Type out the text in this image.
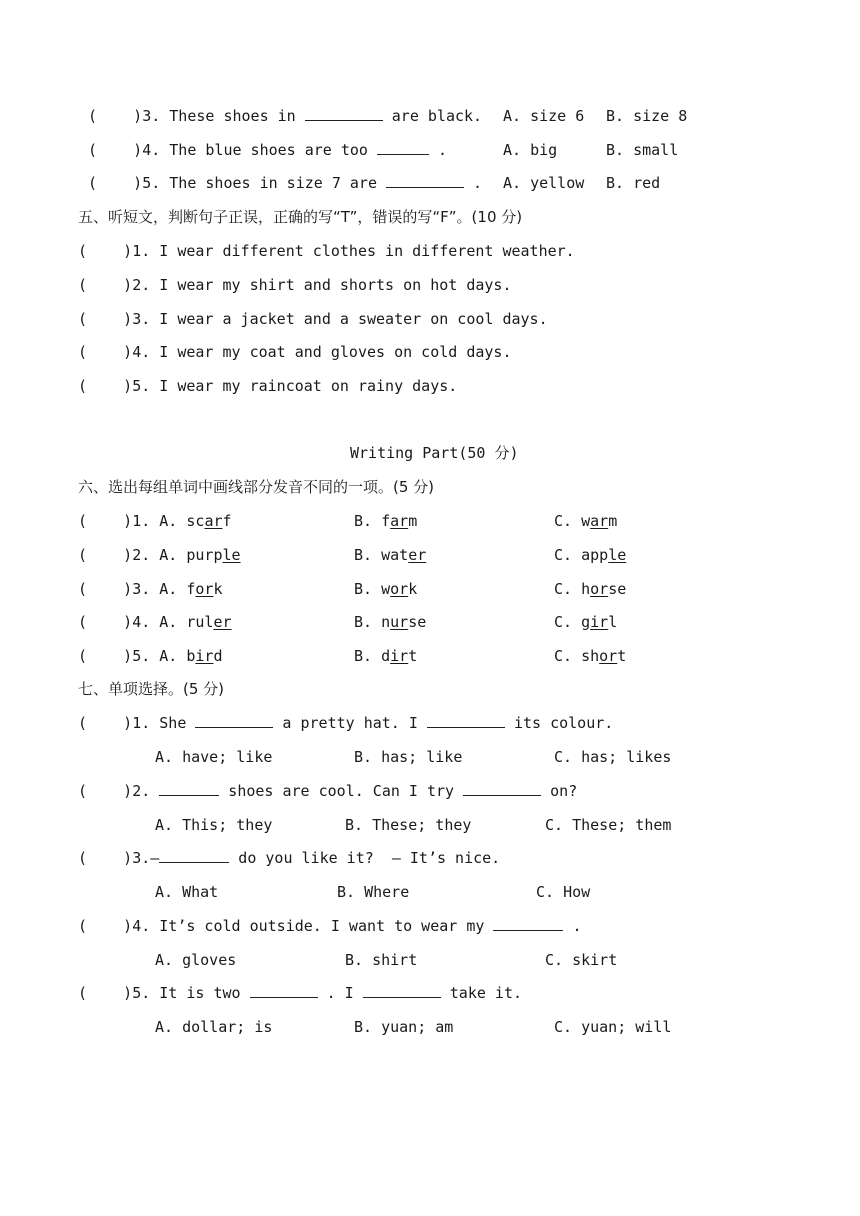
(    )3. These shoes in	are black. A. size 6 B. size 8
(    )4. The blue shoes are too	.	A. big	B. small
(    )5. The shoes in size 7 are	. A. yellow B. red
五、听短文，判断句子正误，正确的写“T”，错误的写“F”。(10 分)
(    )1. I wear different clothes in different weather.
(    )2. I wear my shirt and shorts on hot days.
(    )3. I wear a jacket and a sweater on cool days.
(    )4. I wear my coat and gloves on cold days.
(    )5. I wear my raincoat on rainy days.
Writing Part(50 分)
六、选出每组单词中画线部分发音不同的一项。(5 分)
(    )1. A. scarf	B. farm	C. warm
(    )2. A. purple	B. water	C. apple
(    )3. A. fork	B. work	C. horse
(    )4. A. ruler	B. nurse	C. girl
(    )5. A. bird	B. dirt	C. short
七、单项选择。(5 分)
(    )1. She	a pretty hat. I	its colour.
A. have; like	B. has; like	C. has; likes
(    )2.	shoes are cool. Can I try	on?
A. This; they	B. These; they	C. These; them
(    )3.—	do you like it?  — It’s nice.
A. What	B. Where	C. How
(    )4. It’s cold outside. I want to wear my	.
A. gloves	B. shirt	C. skirt
(    )5. It is two	. I	take it.
A. dollar; is	B. yuan; am	C. yuan; will
